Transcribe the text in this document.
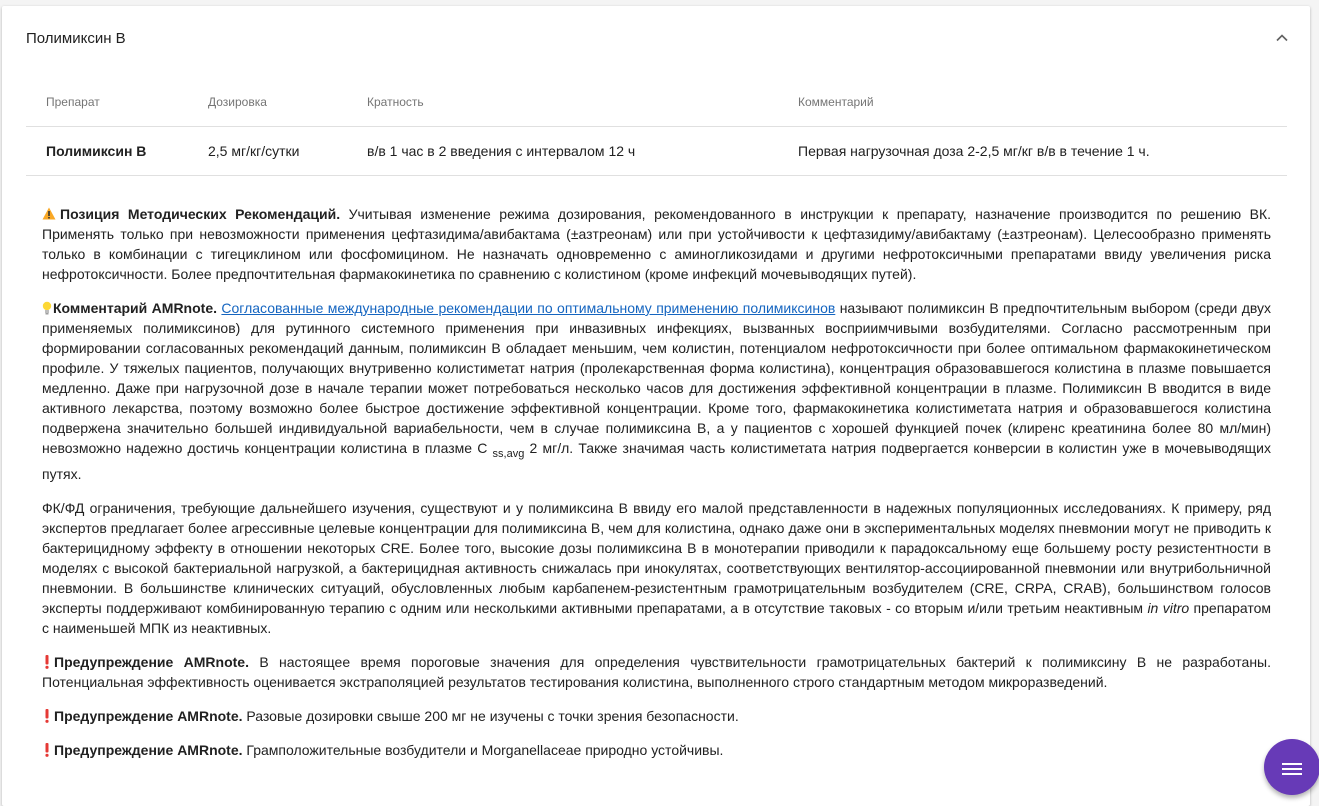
Полимиксин В
Препарат	Дозировка	Кратность	Комментарий
Полимиксин В	2,5 мг/кг/сутки	в/в 1 час в 2 введения с интервалом 12 ч	Первая нагрузочная доза 2-2,5 мг/кг в/в в течение 1 ч.

Позиция Методических Рекомендаций. Учитывая изменение режима дозирования, рекомендованного в инструкции к препарату, назначение производится по решению ВК. Применять только при невозможности применения цефтазидима/авибактама (±азтреонам) или при устойчивости к цефтазидиму/авибактаму (±азтреонам). Целесообразно применять только в комбинации с тигециклином или фосфомицином. Не назначать одновременно с аминогликозидами и другими нефротоксичными препаратами ввиду увеличения риска нефротоксичности. Более предпочтительная фармакокинетика по сравнению с колистином (кроме инфекций мочевыводящих путей).

Комментарий AMRnote. Согласованные международные рекомендации по оптимальному применению полимиксинов называют полимиксин B предпочтительным выбором (среди двух применяемых полимиксинов) для рутинного системного применения при инвазивных инфекциях, вызванных восприимчивыми возбудителями. Согласно рассмотренным при формировании согласованных рекомендаций данным, полимиксин В обладает меньшим, чем колистин, потенциалом нефротоксичности при более оптимальном фармакокинетическом профиле. У тяжелых пациентов, получающих внутривенно колистиметат натрия (пролекарственная форма колистина), концентрация образовавшегося колистина в плазме повышается медленно. Даже при нагрузочной дозе в начале терапии может потребоваться несколько часов для достижения эффективной концентрации в плазме. Полимиксин В вводится в виде активного лекарства, поэтому возможно более быстрое достижение эффективной концентрации. Кроме того, фармакокинетика колистиметата натрия и образовавшегося колистина подвержена значительно большей индивидуальной вариабельности, чем в случае полимиксина В, а у пациентов с хорошей функцией почек (клиренс креатинина более 80 мл/мин) невозможно надежно достичь концентрации колистина в плазме C $_{ss,avg}$ 2 мг/л. Также значимая часть колистиметата натрия подвергается конверсии в колистин уже в мочевыводящих путях.

ФК/ФД ограничения, требующие дальнейшего изучения, существуют и у полимиксина В ввиду его малой представленности в надежных популяционных исследованиях. К примеру, ряд экспертов предлагает более агрессивные целевые концентрации для полимиксина В, чем для колистина, однако даже они в экспериментальных моделях пневмонии могут не приводить к бактерицидному эффекту в отношении некоторых CRE. Более того, высокие дозы полимиксина В в монотерапии приводили к парадоксальному еще большему росту резистентности в моделях с высокой бактериальной нагрузкой, а бактерицидная активность снижалась при инокулятах, соответствующих вентилятор-ассоциированной пневмонии или внутрибольничной пневмонии. В большинстве клинических ситуаций, обусловленных любым карбапенем-резистентным грамотрицательным возбудителем (CRE, CRPA, CRAB), большинством голосов эксперты поддерживают комбинированную терапию с одним или несколькими активными препаратами, а в отсутствие таковых - со вторым и/или третьим неактивным in vitro препаратом с наименьшей МПК из неактивных.

Предупреждение AMRnote. В настоящее время пороговые значения для определения чувствительности грамотрицательных бактерий к полимиксину В не разработаны. Потенциальная эффективность оценивается экстраполяцией результатов тестирования колистина, выполненного строго стандартным методом микроразведений.

Предупреждение AMRnote. Разовые дозировки свыше 200 мг не изучены с точки зрения безопасности.

Предупреждение AMRnote. Грамположительные возбудители и Morganellaceae природно устойчивы.
